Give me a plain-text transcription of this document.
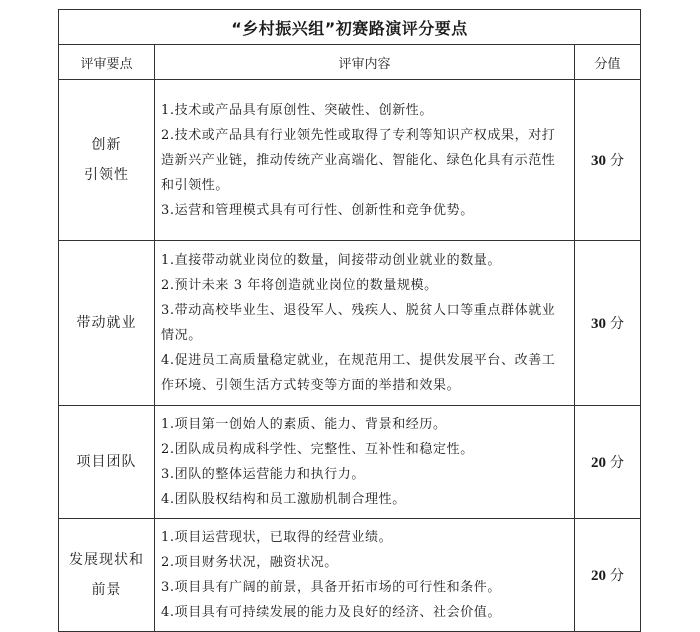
“乡村振兴组”初赛路演评分要点		
评审要点	评审内容	分值

创新
引领性	1.技术或产品具有原创性、突破性、创新性。
2.技术或产品具有行业领先性或取得了专利等知识产权成果，对打造新兴产业链，推动传统产业高端化、智能化、绿色化具有示范性和引领性。
3.运营和管理模式具有可行性、创新性和竞争优势。	30 分

带动就业	1.直接带动就业岗位的数量，间接带动创业就业的数量。
2.预计未来 3 年将创造就业岗位的数量规模。
3.带动高校毕业生、退役军人、残疾人、脱贫人口等重点群体就业情况。
4.促进员工高质量稳定就业，在规范用工、提供发展平台、改善工作环境、引领生活方式转变等方面的举措和效果。	30 分

项目团队	1.项目第一创始人的素质、能力、背景和经历。
2.团队成员构成科学性、完整性、互补性和稳定性。
3.团队的整体运营能力和执行力。
4.团队股权结构和员工激励机制合理性。	20 分

发展现状和
前景	1.项目运营现状，已取得的经营业绩。
2.项目财务状况，融资状况。
3.项目具有广阔的前景，具备开拓市场的可行性和条件。
4.项目具有可持续发展的能力及良好的经济、社会价值。	20 分
